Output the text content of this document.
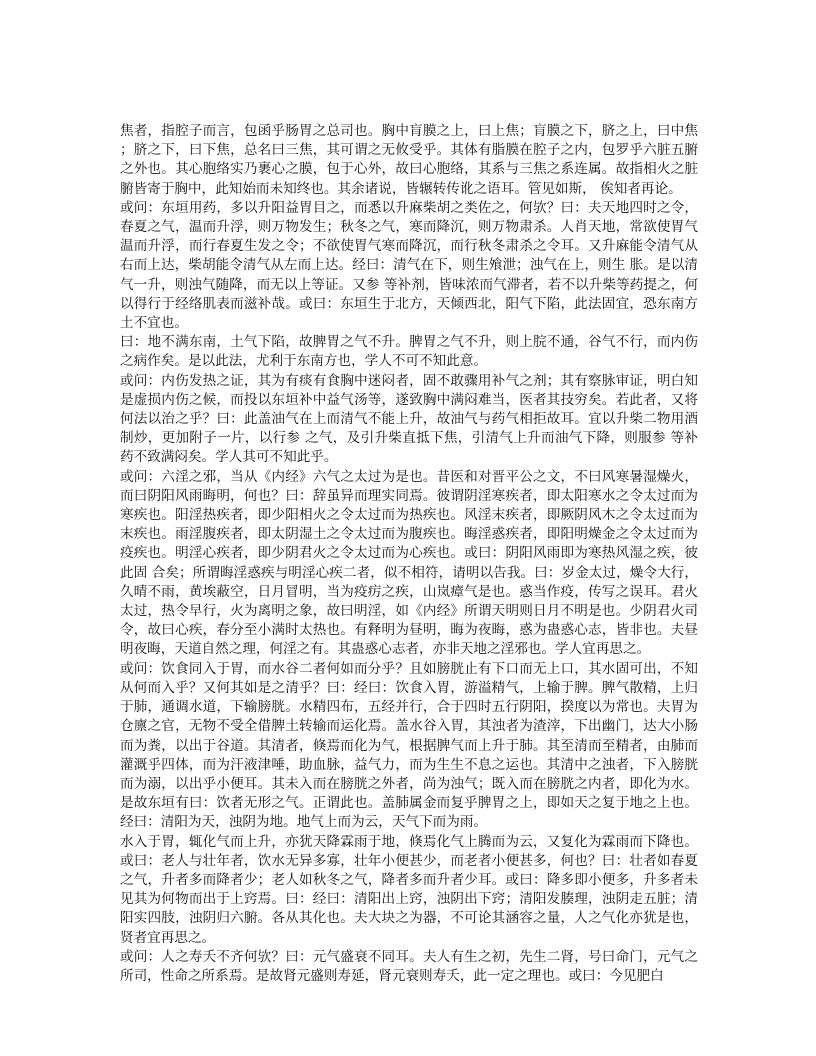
焦者，指腔子而言，包函乎肠胃之总司也。胸中肓膜之上，曰上焦；肓膜之下，脐之上，曰中焦；脐之下，曰下焦，总名曰三焦，其可谓之无攸受乎。其体有脂膜在腔子之内，包罗乎六脏五腑之外也。其心胞络实乃裹心之膜，包于心外，故曰心胞络，其系与三焦之系连属。故指相火之脏腑皆寄于胸中，此知始而未知终也。其余诸说，皆辗转传讹之语耳。管见如斯， 俟知者再论。

或问：东垣用药，多以升阳益胃目之，而悉以升麻柴胡之类佐之，何欤？曰：夫天地四时之令，春夏之气，温而升浮，则万物发生；秋冬之气，寒而降沉，则万物肃杀。人肖天地，常欲使胃气温而升浮，而行春夏生发之令；不欲使胃气寒而降沉，而行秋冬肃杀之令耳。又升麻能令清气从右而上达，柴胡能令清气从左而上达。经曰：清气在下，则生飧泄；浊气在上，则生 胀。是以清气一升，则浊气随降，而无以上等证。又参 等补剂，皆味浓而气滞者，若不以升柴等药提之，何以得行于经络肌表而滋补哉。或曰：东垣生于北方，天倾西北，阳气下陷，此法固宜，恐东南方土不宜也。

曰：地不满东南，土气下陷，故脾胃之气不升。脾胃之气不升，则上脘不通，谷气不行，而内伤之病作矣。是以此法，尤利于东南方也，学人不可不知此意。

或问：内伤发热之证，其为有痰有食胸中迷闷者，固不敢骤用补气之剂；其有察脉审证，明白知是虚损内伤之候，而投以东垣补中益气汤等，遂致胸中满闷难当，医者其技穷矣。若此者，又将何法以治之乎？曰：此盖油气在上而清气不能上升，故油气与药气相拒故耳。宜以升柴二物用酒制炒，更加附子一片，以行参 之气，及引升柴直抵下焦，引清气上升而油气下降，则服参 等补药不致满闷矣。学人其可不知此乎。

或问：六淫之邪，当从《内经》六气之太过为是也。昔医和对晋平公之文，不曰风寒暑湿燥火，而曰阴阳风雨晦明，何也？曰：辞虽异而理实同焉。彼谓阴淫寒疾者，即太阳寒水之令太过而为寒疾也。阳淫热疾者，即少阳相火之令太过而为热疾也。风淫末疾者，即厥阴风木之令太过而为末疾也。雨淫腹疾者，即太阴湿土之令太过而为腹疾也。晦淫惑疾者，即阳明燥金之令太过而为疫疾也。明淫心疾者，即少阴君火之令太过而为心疾也。或曰：阴阳风雨即为寒热风湿之疾，彼此固 合矣；所谓晦淫惑疾与明淫心疾二者，似不相符，请明以告我。曰：岁金太过，燥令大行，久晴不雨，黄埃蔽空，日月冒明，当为疫疠之疾，山岚瘴气是也。惑当作疫，传写之误耳。君火太过，热令早行，火为离明之象，故曰明淫，如《内经》所谓天明则日月不明是也。少阴君火司令，故曰心疾，春分至小满时太热也。有释明为昼明，晦为夜晦，惑为蛊惑心志，皆非也。夫昼明夜晦，天道自然之理，何淫之有。其蛊惑心志者，亦非天地之淫邪也。学人宜再思之。

或问：饮食同入于胃，而水谷二者何如而分乎？且如膀胱止有下口而无上口，其水固可出，不知从何而入乎？又何其如是之清乎？曰：经曰：饮食入胃，游溢精气，上输于脾。脾气散精，上归于肺，通调水道，下输膀胱。水精四布，五经并行，合于四时五行阴阳，揆度以为常也。夫胃为仓廪之官，无物不受全借脾土转输而运化焉。盖水谷入胃，其浊者为渣滓，下出幽门，达大小肠而为粪，以出于谷道。其清者，倏焉而化为气，根据脾气而上升于肺。其至清而至精者，由肺而灌溉乎四体，而为汗液津唾，助血脉，益气力，而为生生不息之运也。其清中之浊者，下入膀胱而为溺，以出乎小便耳。其未入而在膀胱之外者，尚为浊气；既入而在膀胱之内者，即化为水。是故东垣有曰：饮者无形之气。正谓此也。盖肺属金而复乎脾胃之上，即如天之复于地之上也。经曰：清阳为天，浊阴为地。地气上而为云，天气下而为雨。

水入于胃，辄化气而上升，亦犹天降霖雨于地，倏焉化气上腾而为云，又复化为霖雨而下降也。或曰：老人与壮年者，饮水无异多寡，壮年小便甚少，而老者小便甚多，何也？曰：壮者如春夏之气，升者多而降者少；老人如秋冬之气，降者多而升者少耳。或曰：降多即小便多，升多者未见其为何物而出于上窍焉。曰：经曰：清阳出上窍，浊阴出下窍；清阳发腠理，浊阴走五脏；清阳实四肢，浊阴归六腑。各从其化也。夫大块之为器，不可论其涵容之量，人之气化亦犹是也，贤者宜再思之。

或问：人之寿夭不齐何欤？曰：元气盛衰不同耳。夫人有生之初，先生二肾，号曰命门，元气之所司，性命之所系焉。是故肾元盛则寿延，肾元衰则寿夭，此一定之理也。或曰：今见肥白
